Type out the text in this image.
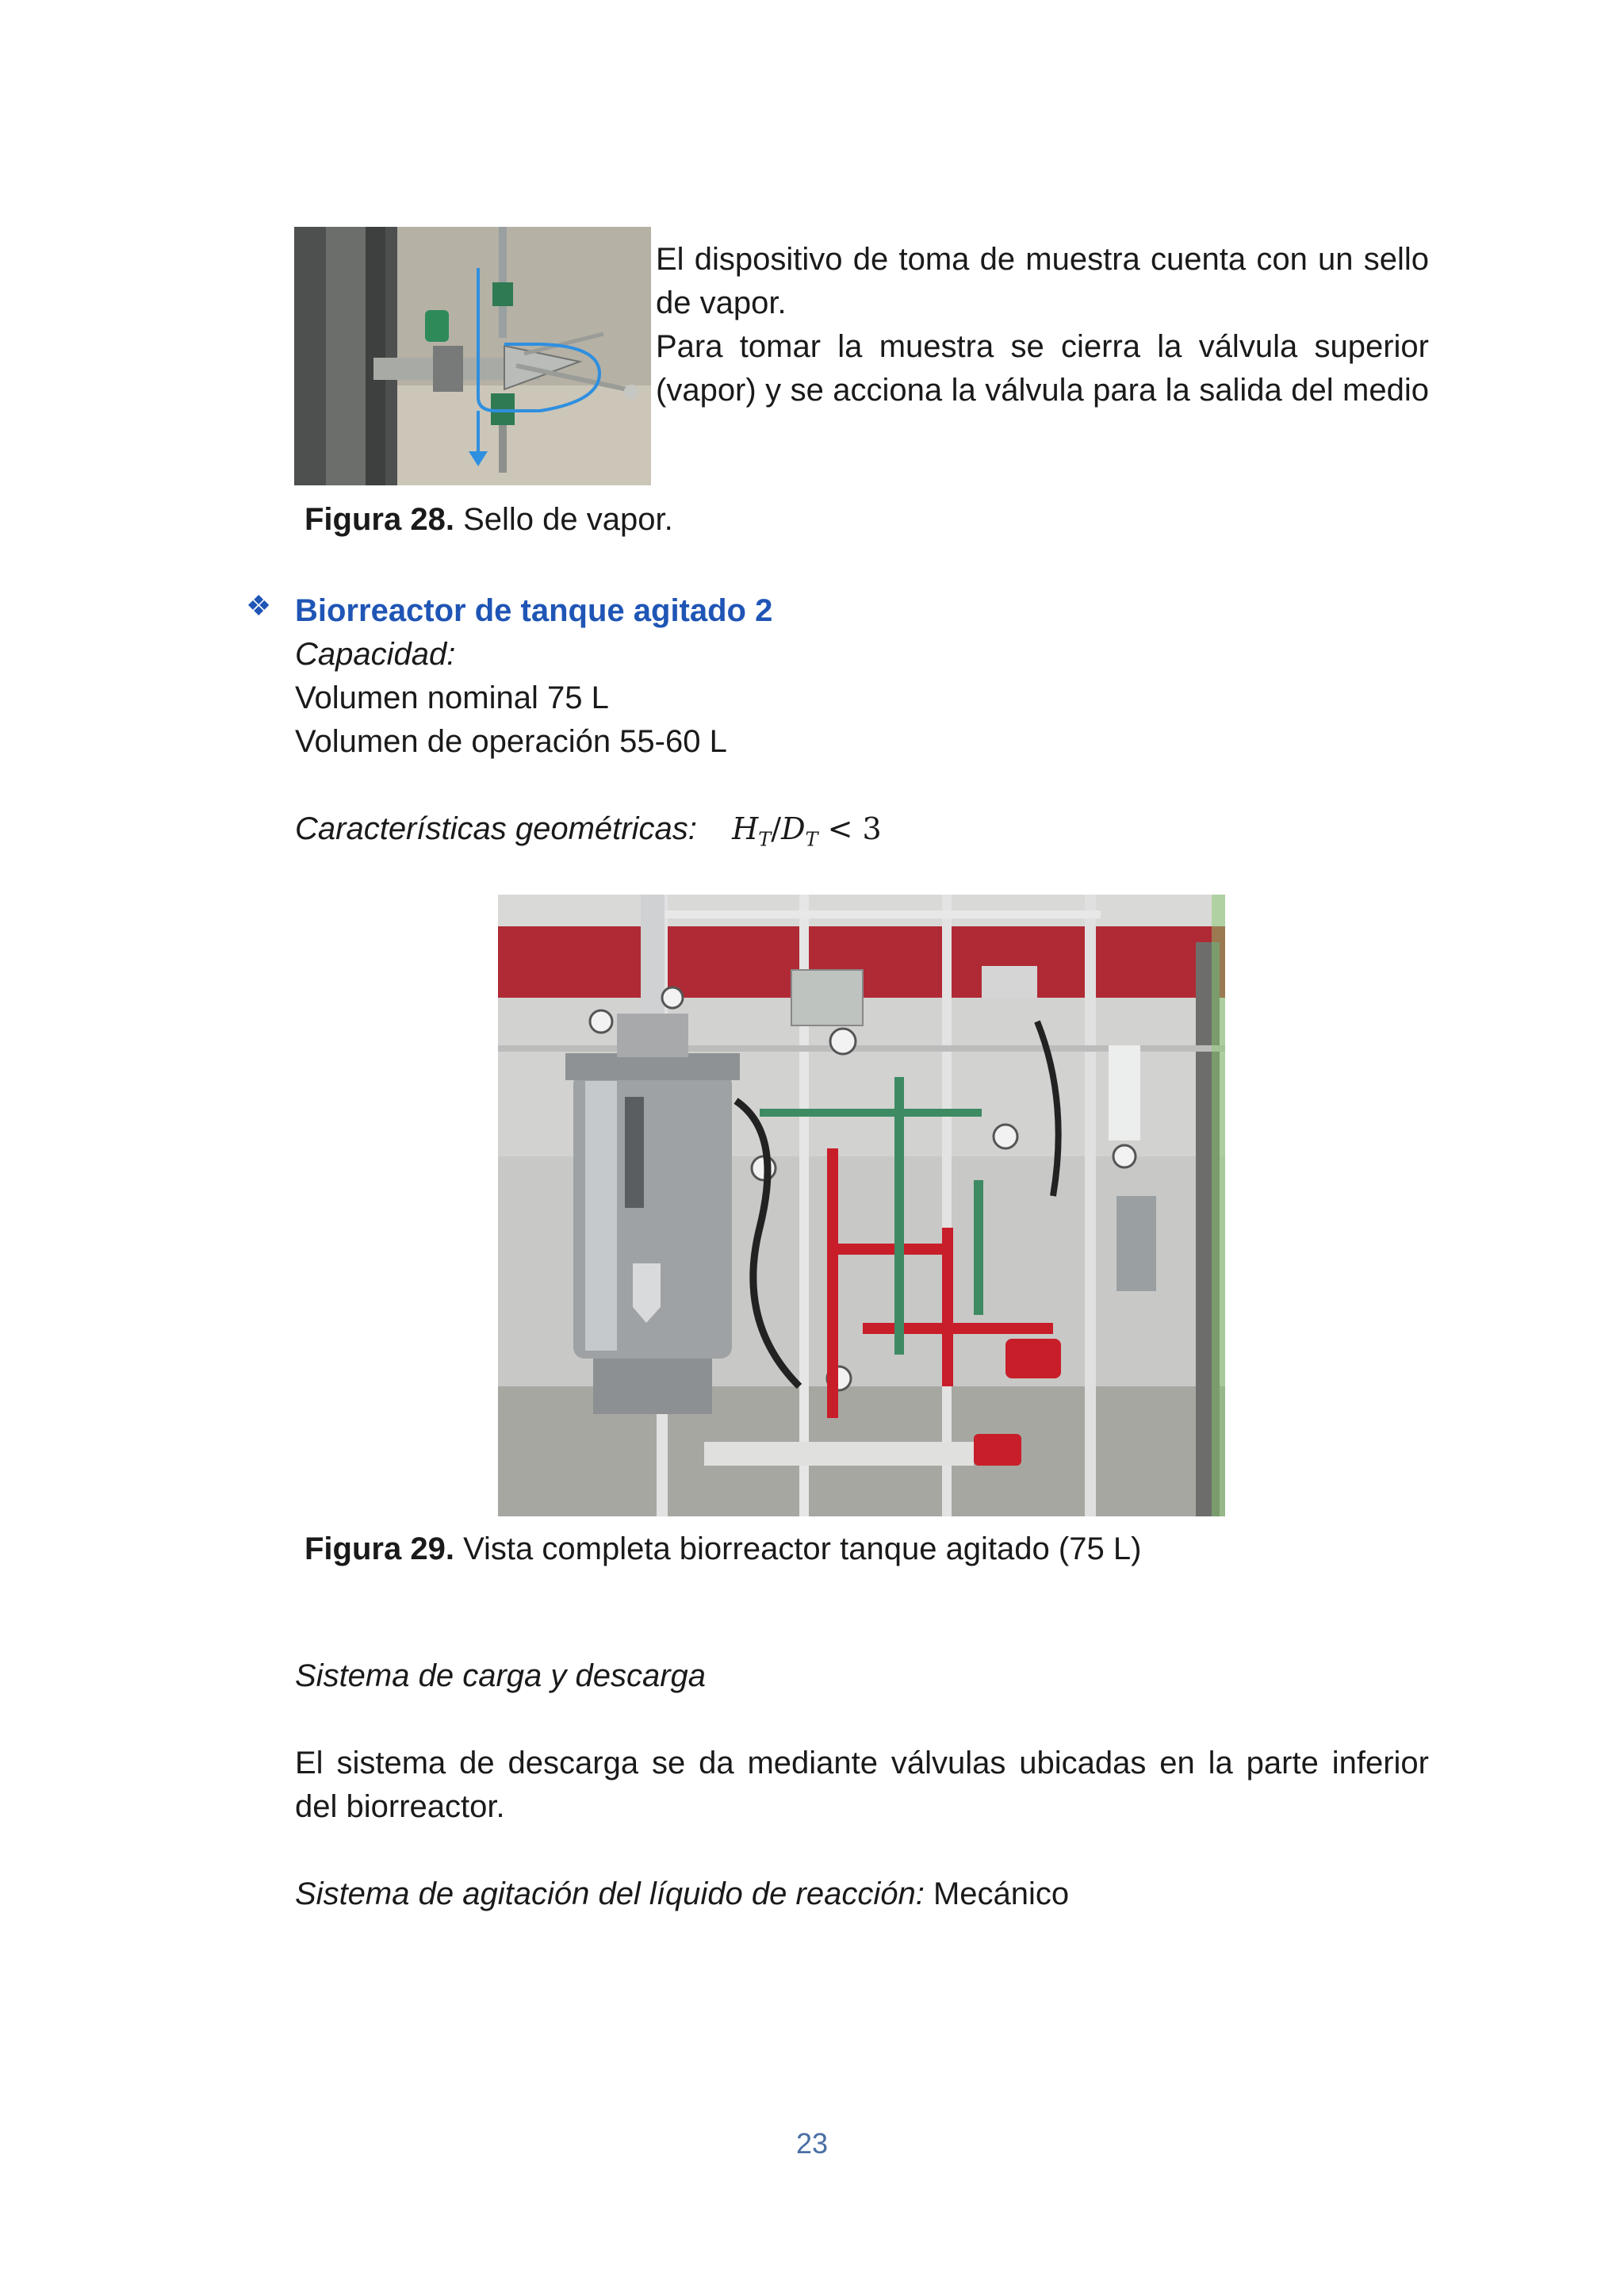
El dispositivo de toma de muestra cuenta con un sello
de vapor.
Para tomar la muestra se cierra la válvula superior
(vapor) y se acciona la válvula para la salida del medio
Figura 28. Sello de vapor.
❖ Biorreactor de tanque agitado 2
Capacidad:
Volumen nominal 75 L
Volumen de operación 55-60 L
Características geométricas: $H_T/D_T < 3$
Figura 29. Vista completa biorreactor tanque agitado (75 L)
Sistema de carga y descarga
El sistema de descarga se da mediante válvulas ubicadas en la parte inferior
del biorreactor.
Sistema de agitación del líquido de reacción: Mecánico
23
